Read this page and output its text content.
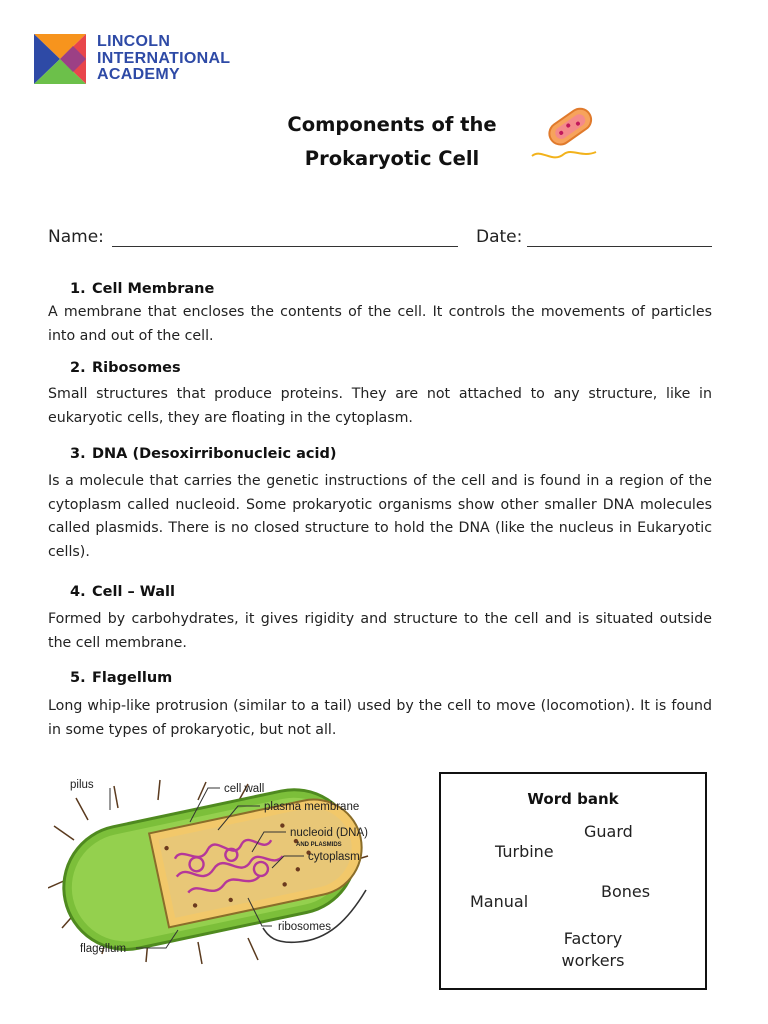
LINCOLN
INTERNATIONAL
ACADEMY
Components of the
Prokaryotic Cell
Name:	Date:
1. Cell Membrane
A membrane that encloses the contents of the cell. It controls the movements of particles into and out of the cell.
2. Ribosomes
Small structures that produce proteins. They are not attached to any structure, like in eukaryotic cells, they are floating in the cytoplasm.
3. DNA (Desoxirribonucleic acid)
Is a molecule that carries the genetic instructions of the cell and is found in a region of the cytoplasm called nucleoid. Some prokaryotic organisms show other smaller DNA molecules called plasmids. There is no closed structure to hold the DNA (like the nucleus in Eukaryotic cells).
4. Cell – Wall
Formed by carbohydrates, it gives rigidity and structure to the cell and is situated outside the cell membrane.
5. Flagellum
Long whip-like protrusion (similar to a tail) used by the cell to move (locomotion). It is found in some types of prokaryotic, but not all.
pilus	cell wall
plasma membrane
nucleoid (DNA)
AND PLASMIDS
cytoplasm
ribosomes
flagellum
Word bank
Guard
Turbine
Bones
Manual
Factory workers
